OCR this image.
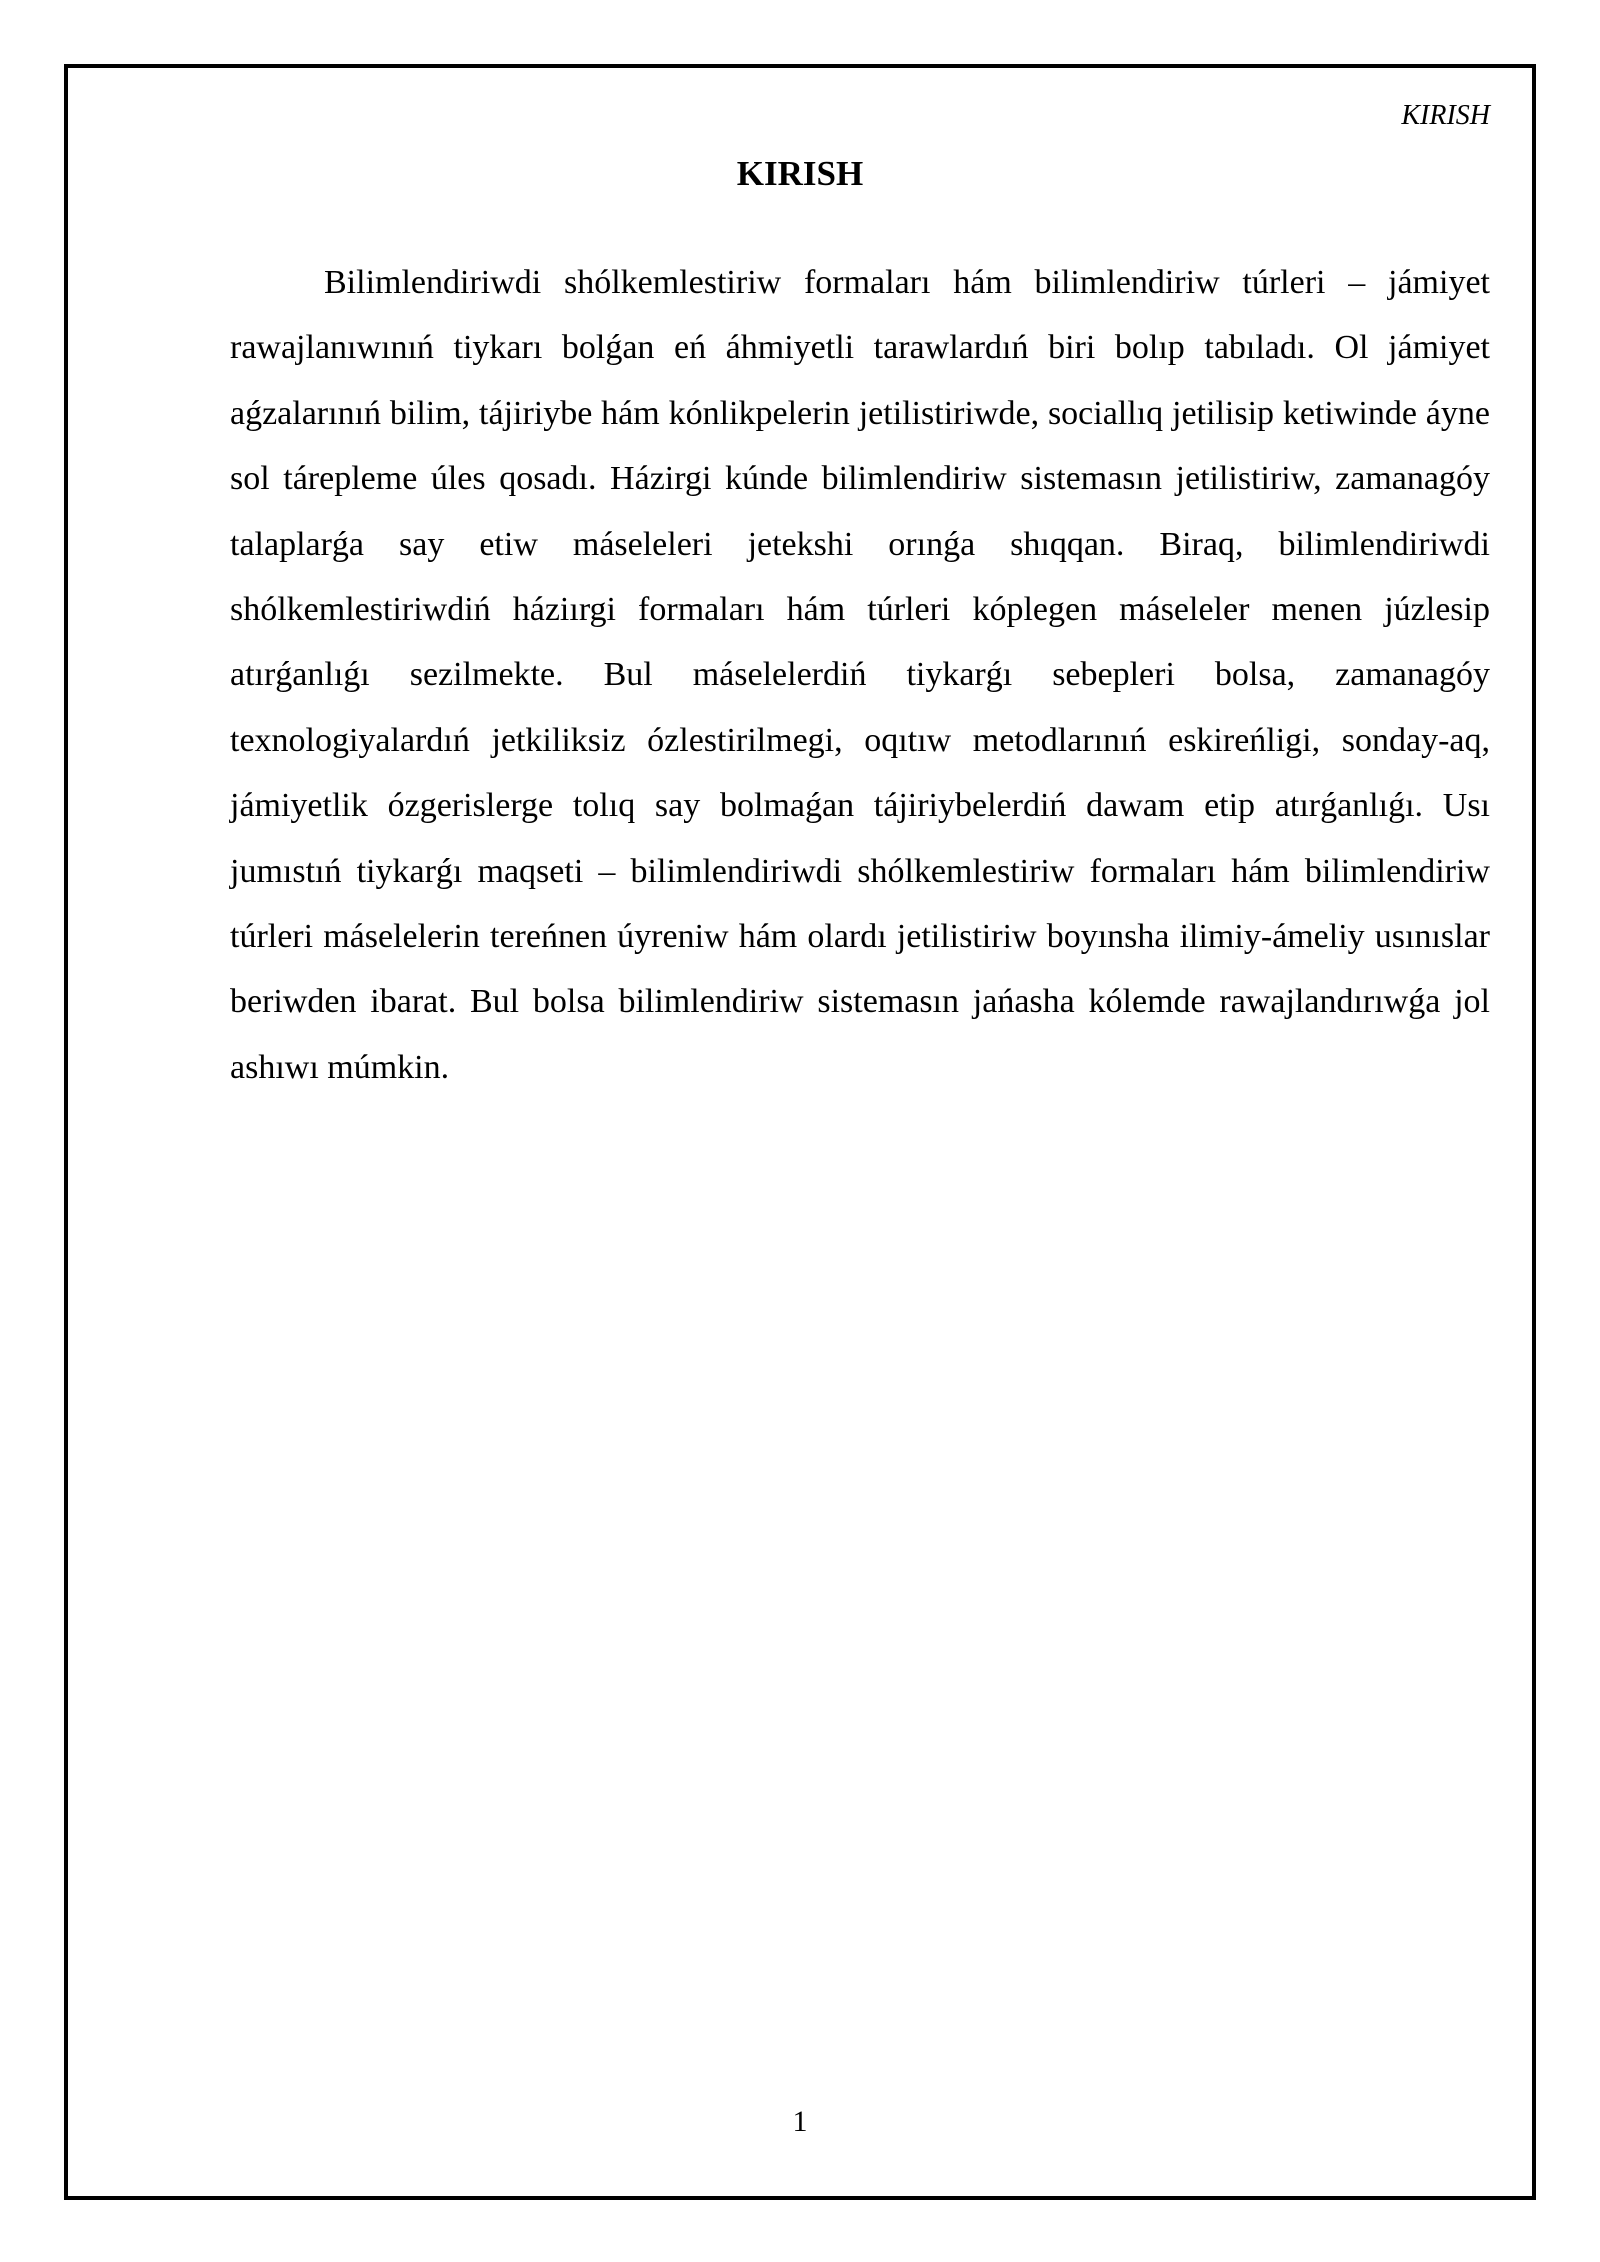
KIRISH
KIRISH

Bilimlendiriwdi shólkemlestiriw formaları hám bilimlendiriw túrleri – jámiyet rawajlanıwınıń tiykarı bolǵan eń áhmiyetli tarawlardıń biri bolıp tabıladı. Ol jámiyet aǵzalarınıń bilim, tájiriybe hám kónlikpelerin jetilistiriwde, sociallıq jetilisip ketiwinde áyne sol tárepleme úles qosadı. Házirgi kúnde bilimlendiriw sistemasın jetilistiriw, zamanagóy talaplarǵa say etiw máseleleri jetekshi orınǵa shıqqan. Biraq, bilimlendiriwdi shólkemlestiriwdiń háziırgi formaları hám túrleri kóplegen máseleler menen júzlesip atırǵanlıǵı sezilmekte. Bul máselelerdiń tiykarǵı sebepleri bolsa, zamanagóy texnologiyalardıń jetkiliksiz ózlestirilmegi, oqıtıw metodlarınıń eskireńligi, sonday-aq, jámiyetlik ózgerislerge tolıq say bolmaǵan tájiriybelerdiń dawam etip atırǵanlıǵı. Usı jumıstıń tiykarǵı maqseti – bilimlendiriwdi shólkemlestiriw formaları hám bilimlendiriw túrleri máselelerin tereńnen úyreniw hám olardı jetilistiriw boyınsha ilimiy-ámeliy usınıslar beriwden ibarat. Bul bolsa bilimlendiriw sistemasın jańasha kólemde rawajlandırıwǵa jol ashıwı múmkin.

1
